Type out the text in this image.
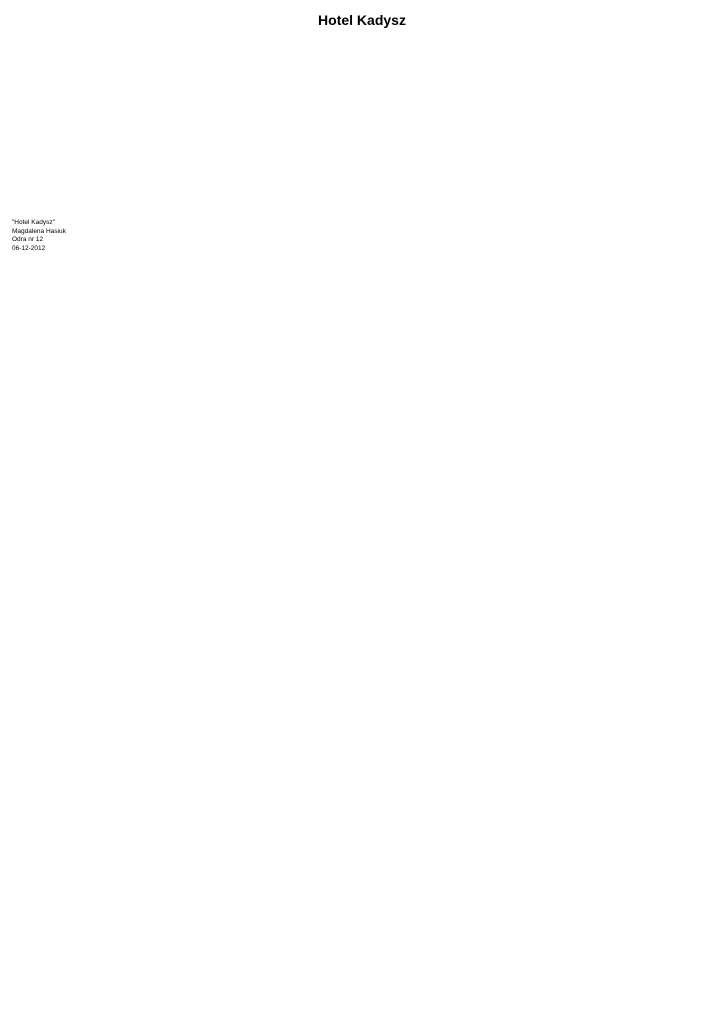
Hotel Kadysz

"Hotel Kadysz"
Magdalena Hasiuk
Odra nr 12
06-12-2012
